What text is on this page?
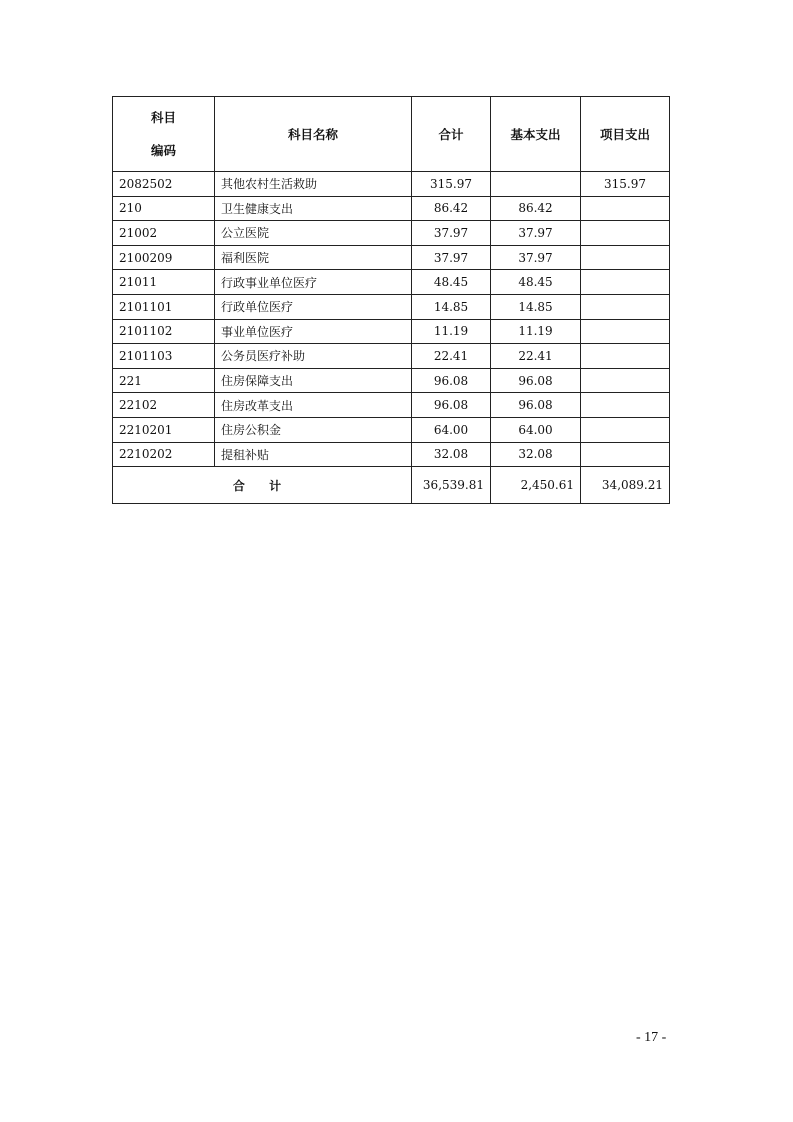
科目
编码	科目名称	合计	基本支出	项目支出
2082502	其他农村生活救助	315.97		315.97
210	卫生健康支出	86.42	86.42	
21002	公立医院	37.97	37.97	
2100209	福利医院	37.97	37.97	
21011	行政事业单位医疗	48.45	48.45	
2101101	行政单位医疗	14.85	14.85	
2101102	事业单位医疗	11.19	11.19	
2101103	公务员医疗补助	22.41	22.41	
221	住房保障支出	96.08	96.08	
22102	住房改革支出	96.08	96.08	
2210201	住房公积金	64.00	64.00	
2210202	提租补贴	32.08	32.08	
合 计		36,539.81	2,450.61	34,089.21
- 17 -
